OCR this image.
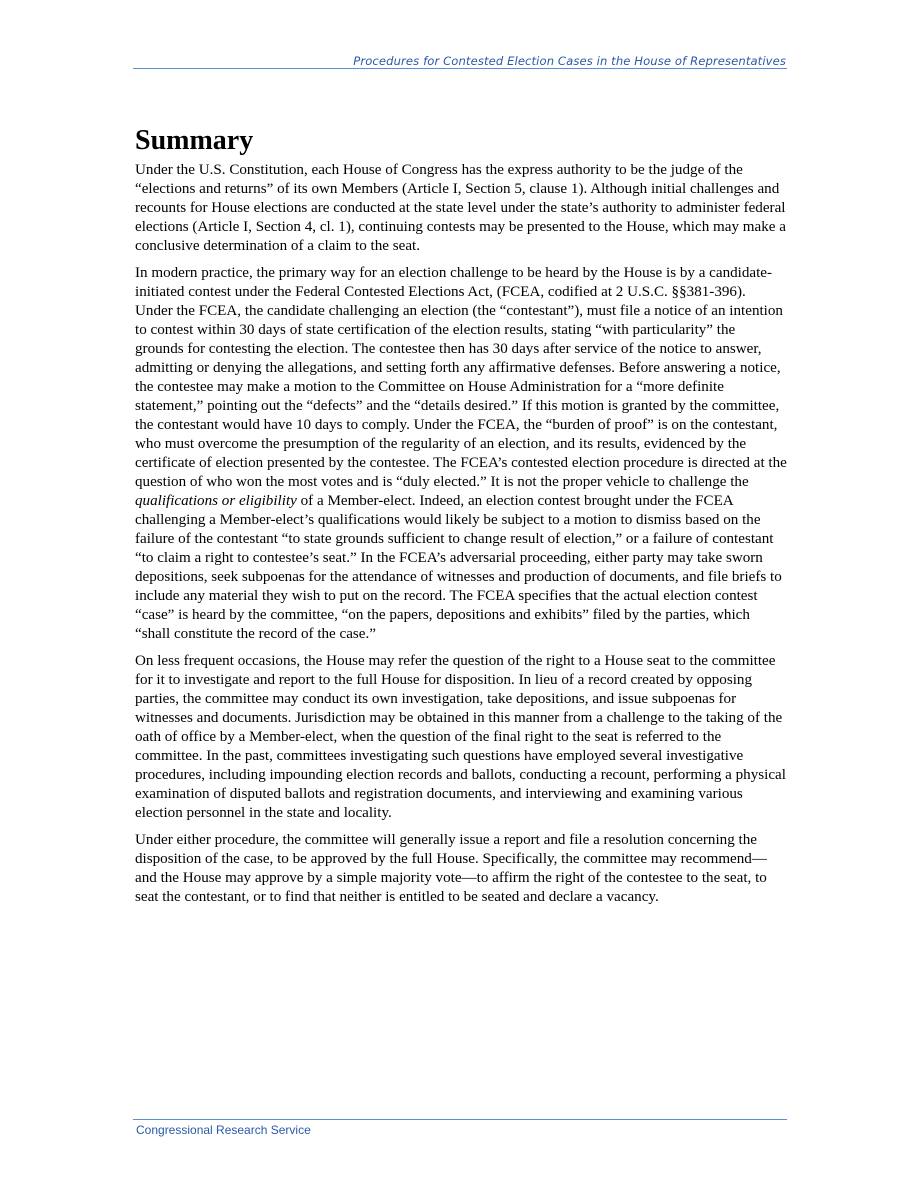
Procedures for Contested Election Cases in the House of Representatives
Summary

Under the U.S. Constitution, each House of Congress has the express authority to be the judge of the “elections and returns” of its own Members (Article I, Section 5, clause 1). Although initial challenges and recounts for House elections are conducted at the state level under the state’s authority to administer federal elections (Article I, Section 4, cl. 1), continuing contests may be presented to the House, which may make a conclusive determination of a claim to the seat.

In modern practice, the primary way for an election challenge to be heard by the House is by a candidate-initiated contest under the Federal Contested Elections Act, (FCEA, codified at 2 U.S.C. §§381-396). Under the FCEA, the candidate challenging an election (the “contestant”), must file a notice of an intention to contest within 30 days of state certification of the election results, stating “with particularity” the grounds for contesting the election. The contestee then has 30 days after service of the notice to answer, admitting or denying the allegations, and setting forth any affirmative defenses. Before answering a notice, the contestee may make a motion to the Committee on House Administration for a “more definite statement,” pointing out the “defects” and the “details desired.” If this motion is granted by the committee, the contestant would have 10 days to comply. Under the FCEA, the “burden of proof” is on the contestant, who must overcome the presumption of the regularity of an election, and its results, evidenced by the certificate of election presented by the contestee. The FCEA’s contested election procedure is directed at the question of who won the most votes and is “duly elected.” It is not the proper vehicle to challenge the qualifications or eligibility of a Member-elect. Indeed, an election contest brought under the FCEA challenging a Member-elect’s qualifications would likely be subject to a motion to dismiss based on the failure of the contestant “to state grounds sufficient to change result of election,” or a failure of contestant “to claim a right to contestee’s seat.” In the FCEA’s adversarial proceeding, either party may take sworn depositions, seek subpoenas for the attendance of witnesses and production of documents, and file briefs to include any material they wish to put on the record. The FCEA specifies that the actual election contest “case” is heard by the committee, “on the papers, depositions and exhibits” filed by the parties, which “shall constitute the record of the case.”

On less frequent occasions, the House may refer the question of the right to a House seat to the committee for it to investigate and report to the full House for disposition. In lieu of a record created by opposing parties, the committee may conduct its own investigation, take depositions, and issue subpoenas for witnesses and documents. Jurisdiction may be obtained in this manner from a challenge to the taking of the oath of office by a Member-elect, when the question of the final right to the seat is referred to the committee. In the past, committees investigating such questions have employed several investigative procedures, including impounding election records and ballots, conducting a recount, performing a physical examination of disputed ballots and registration documents, and interviewing and examining various election personnel in the state and locality.

Under either procedure, the committee will generally issue a report and file a resolution concerning the disposition of the case, to be approved by the full House. Specifically, the committee may recommend—and the House may approve by a simple majority vote—to affirm the right of the contestee to the seat, to seat the contestant, or to find that neither is entitled to be seated and declare a vacancy.

Congressional Research Service
